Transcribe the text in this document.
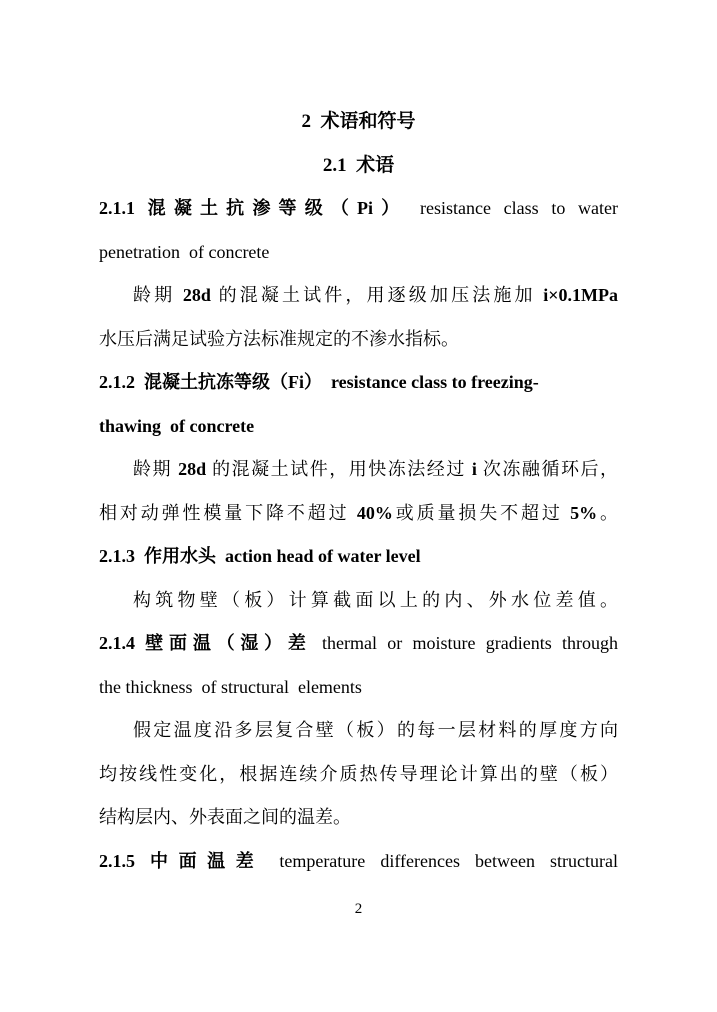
2  术语和符号
2.1  术语
2.1.1 混凝土抗渗等级（Pi） resistance class to water
penetration  of concrete
龄期 28d 的混凝土试件，用逐级加压法施加 i×0.1MPa
水压后满足试验方法标准规定的不渗水指标。
2.1.2  混凝土抗冻等级（Fi）  resistance class to freezing-
thawing  of concrete
龄期 28d 的混凝土试件，用快冻法经过 i 次冻融循环后，
相对动弹性模量下降不超过 40%或质量损失不超过 5%。
2.1.3  作用水头  action head of water level
构筑物壁（板）计算截面以上的内、外水位差值。
2.1.4 壁面温（湿）差 thermal or moisture gradients through
the thickness  of structural  elements
假定温度沿多层复合壁（板）的每一层材料的厚度方向
均按线性变化，根据连续介质热传导理论计算出的壁（板）
结构层内、外表面之间的温差。
2.1.5 中面温差 temperature differences between structural
2
